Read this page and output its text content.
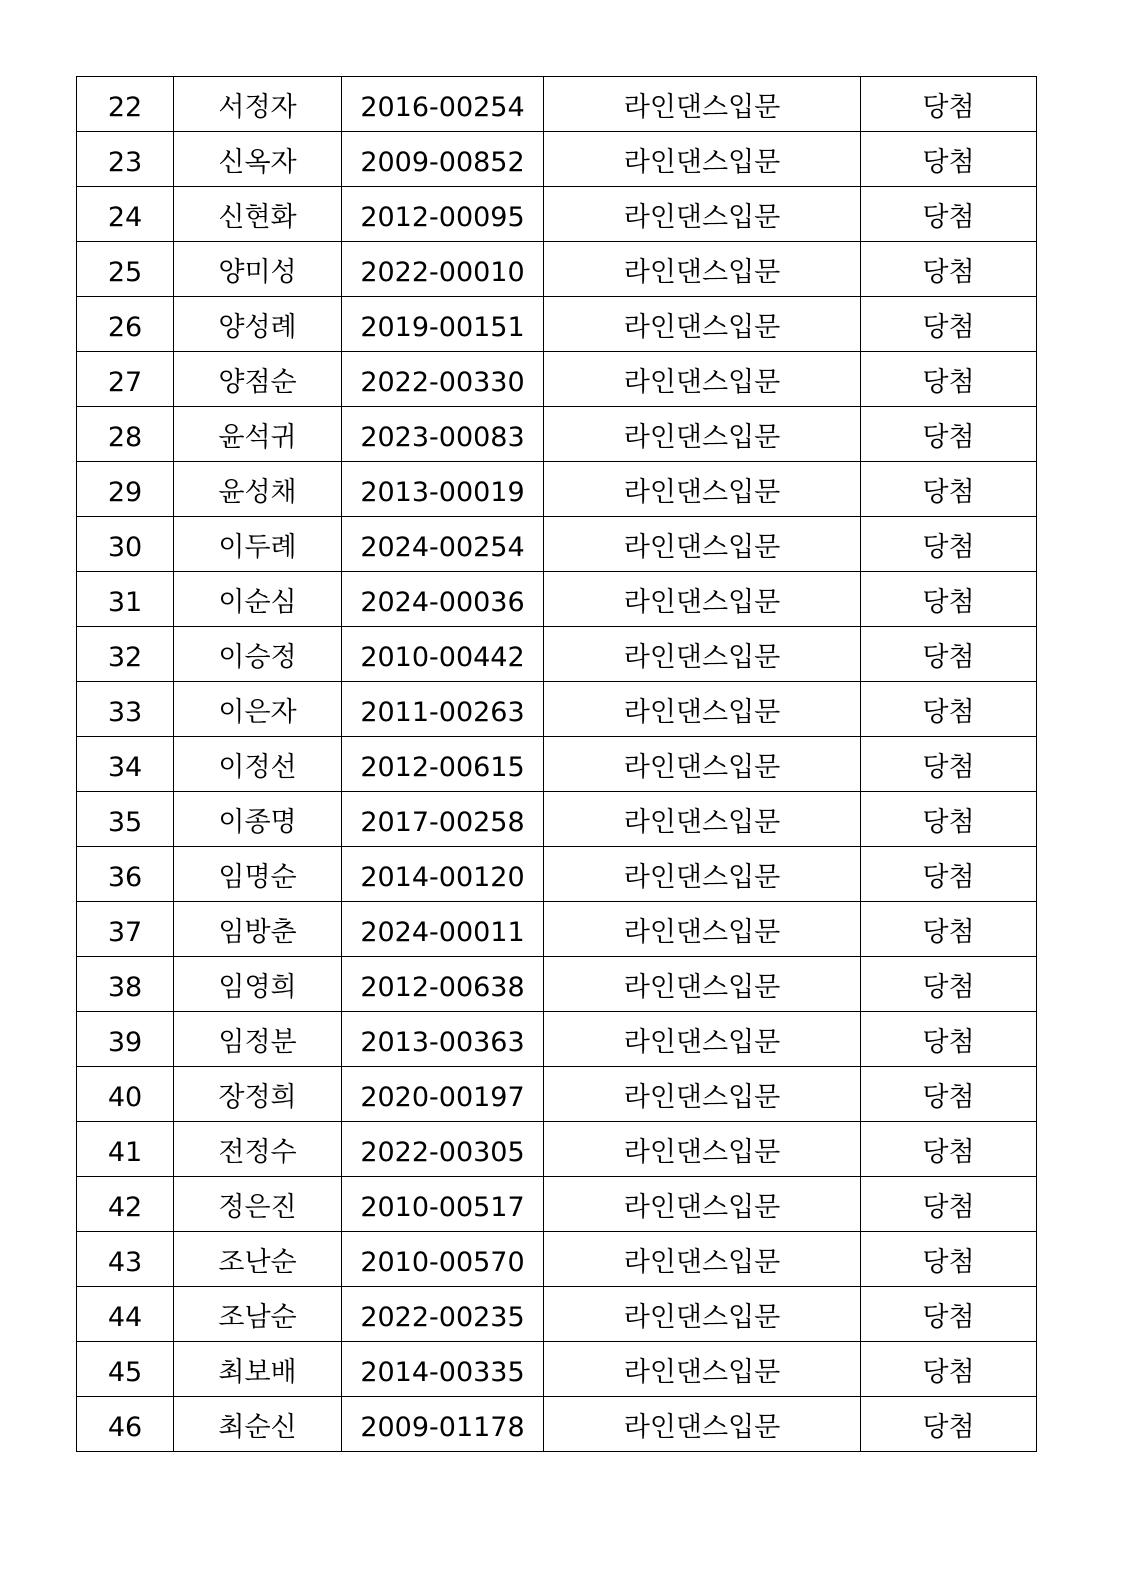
22	서정자	2016-00254	라인댄스입문	당첨
23	신옥자	2009-00852	라인댄스입문	당첨
24	신현화	2012-00095	라인댄스입문	당첨
25	양미성	2022-00010	라인댄스입문	당첨
26	양성례	2019-00151	라인댄스입문	당첨
27	양점순	2022-00330	라인댄스입문	당첨
28	윤석귀	2023-00083	라인댄스입문	당첨
29	윤성채	2013-00019	라인댄스입문	당첨
30	이두례	2024-00254	라인댄스입문	당첨
31	이순심	2024-00036	라인댄스입문	당첨
32	이승정	2010-00442	라인댄스입문	당첨
33	이은자	2011-00263	라인댄스입문	당첨
34	이정선	2012-00615	라인댄스입문	당첨
35	이종명	2017-00258	라인댄스입문	당첨
36	임명순	2014-00120	라인댄스입문	당첨
37	임방춘	2024-00011	라인댄스입문	당첨
38	임영희	2012-00638	라인댄스입문	당첨
39	임정분	2013-00363	라인댄스입문	당첨
40	장정희	2020-00197	라인댄스입문	당첨
41	전정수	2022-00305	라인댄스입문	당첨
42	정은진	2010-00517	라인댄스입문	당첨
43	조난순	2010-00570	라인댄스입문	당첨
44	조남순	2022-00235	라인댄스입문	당첨
45	최보배	2014-00335	라인댄스입문	당첨
46	최순신	2009-01178	라인댄스입문	당첨
